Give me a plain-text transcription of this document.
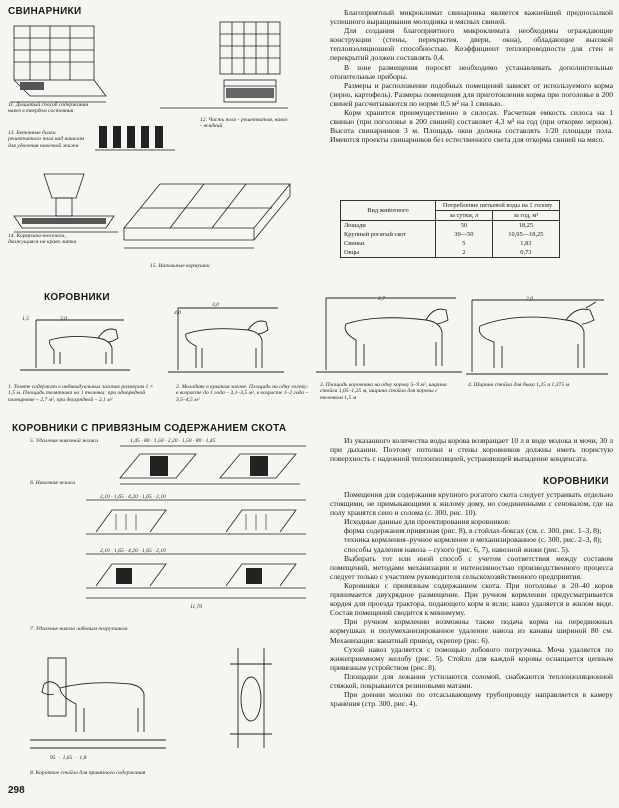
СВИНАРНИКИ
11. Дощатый способ содержания навоз в твердом состоянии
12. Часть пола - решетчатая, навоз - жидкий
13. Бетонные балки решетчатого пола над каналом для удаления навозной жижи
14. Кормушка-тележка, движущаяся на краях литки
15. Напольные кормушки
КОРОВНИКИ
1,5	3,0
1. Теляте содержат в индивидуальных загонах размером 1 × 1,5 м. Площадь телятника на 1 теленка: при однорядной планировке – 2,7 м², при двухрядной – 2,1 м²
3,0
4,0
2. Молодняк в крытом загоне. Площадь на одну голову: в возрасте до 1 года – 3,1–3,5 м², в возрасте 1–2 года – 3,5–4,5 м²
КОРОВНИКИ С ПРИВЯЗНЫМ СОДЕРЖАНИЕМ СКОТА
5. Удаление навозной жижи	1,45 · 80 · 1,50 · 2,20 · 1,50 · 80 · 1,45
6. Навозная жижа
2,10 · 1,65 · 4,20 · 1,65 · 2,10
2,10 · 1,65 · 4,20 · 1,65 · 2,10
11,70
7. Удаление навоза лобовым погрузчиком
95  ·  1,65  ·  1,8
8. Короткое стойло для привязного содержания
298

Благоприятный микроклимат свинарника является важнейшей предпосылкой успешного выращивания молодняка и мясных свиней.

Для создания благоприятного микроклимата необходимы ограждающие конструкции (стены, перекрытия, двери, окна), обладающие высокой теплоизоляционной способностью. Коэффициент теплопроводности для стен и перекрытий должен составлять 0,4.

В зоне размещения поросят необходимо устанавливать дополнительные отопительные приборы.

Размеры и расположение подобных помещений зависят от используемого корма (зерно, картофель). Размеры помещения для приготовления корма при поголовье в 200 свиней рассчитываются по норме 0,5 м² на 1 свинью.

Корм хранится преимущественно в силосах. Расчетная емкость силоса на 1 свинью (при поголовье в 200 свиней) составляет 4,3 м³ на год (при откорме зерном). Высота свинарников 3 м. Площадь окон должна составлять 1/20 площади пола. Имеются проекты свинарников без естественного света для откорма свиней на мясо.

Вид животного	Потребление питьевой воды на 1 голову	
	за сутки, л	за год, м³
Лошади	50	18,25
Крупный рогатый скот	30—50	10,95—18,25
Свиньи	5	1,83
Овцы	2	0,73
2,7
3. Площадь коровника на одну корову 5–9 м², ширина стойла 1,05–1,25 м, ширина стойла для коровы с теленком 1,5 м
2,0
4. Ширина стойла для быка 1,25 и 1,375 м

Из указанного количества воды корова возвращает 10 л в виде молока и мочи, 30 л при дыхании. Поэтому потолки и стены коровников должны иметь пористую поверхность с надежной теплоизоляцией, устраняющей выпадение конденсата.

КОРОВНИКИ

Помещения для содержания крупного рогатого скота следует устраивать отдельно стоящими, не примыкающими к жилому дому, но соединенными с сеновалом, где на полу хранятся сено и солома (с. 300, рис. 10).

Исходные данные для проектирования коровников:

форма содержания привязная (рис. 8), в стойлах-боксах (см. с. 300, рис. 1–3, 8);

техника кормления–ручное кормление и механизированное (с. 300, рис. 2–3, 8);

способы удаления навоза – сухого (рис. 6, 7), навозной жижи (рис. 5).

Выбирать тот или иной способ с учетом соответствия между составом помещений, методами механизации и интенсивностью производственного процесса следует только с участием руководителя сельскохозяйственного предприятия.

Коровники с привязным содержанием скота. При поголовье в 20–40 коров принимается двухрядное размещение. При ручном кормлении предусматривается кордея для проезда трактора, подающего корм в ясли; навоз удаляется в жилом виде. Состав помещений сводится к минимуму.

При ручном кормлении возможны также подача корма на передвижных кормушках и полумеханизированное удаление навоза из канавы шириной 80 см. Механизация: канатный привод, скрепер (рис. 6).

Сухой навоз удаляется с помощью лобового погрузчика. Моча удаляется по жижеприемному желобу (рис. 5). Стойло для каждой коровы оснащается цепным привязным устройством (рис. 8).

Площадки для лежания устилаются соломой, снабжаются теплоизоляционной стяжкой, покрываются резиновыми матами.

При доении молоко по отсасывающему трубопроводу направляется в камеру хранения (стр. 300, рис. 4).
